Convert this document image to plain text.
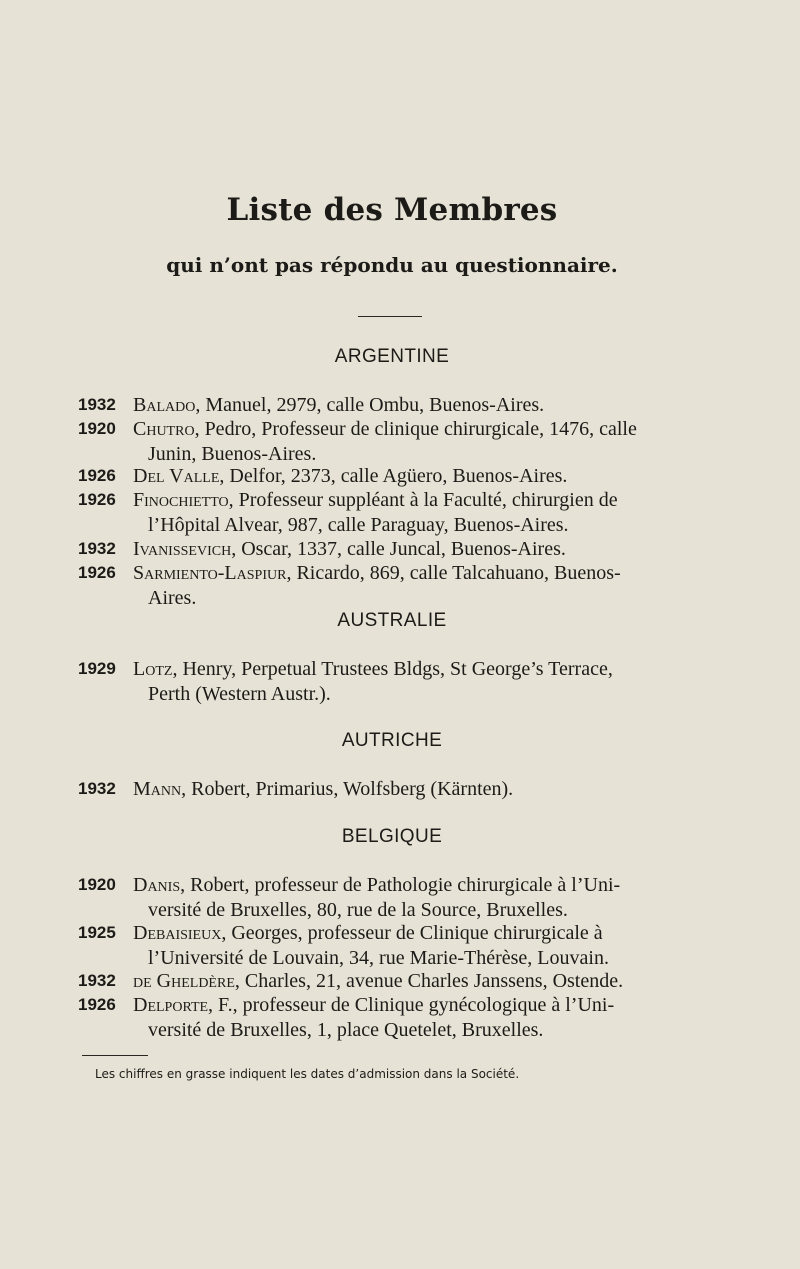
Liste des Membres
qui n’ont pas répondu au questionnaire.
ARGENTINE
1932 Balado, Manuel, 2979, calle Ombu, Buenos-Aires.
1920 Chutro, Pedro, Professeur de clinique chirurgicale, 1476, calle
Junin, Buenos-Aires.
1926 Del Valle, Delfor, 2373, calle Agüero, Buenos-Aires.
1926 Finochietto, Professeur suppléant à la Faculté, chirurgien de
l’Hôpital Alvear, 987, calle Paraguay, Buenos-Aires.
1932 Ivanissevich, Oscar, 1337, calle Juncal, Buenos-Aires.
1926 Sarmiento-Laspiur, Ricardo, 869, calle Talcahuano, Buenos-
Aires.
AUSTRALIE
1929 Lotz, Henry, Perpetual Trustees Bldgs, St George’s Terrace,
Perth (Western Austr.).
AUTRICHE
1932 Mann, Robert, Primarius, Wolfsberg (Kärnten).
BELGIQUE
1920 Danis, Robert, professeur de Pathologie chirurgicale à l’Uni-
versité de Bruxelles, 80, rue de la Source, Bruxelles.
1925 Debaisieux, Georges, professeur de Clinique chirurgicale à
l’Université de Louvain, 34, rue Marie-Thérèse, Louvain.
1932 de Gheldère, Charles, 21, avenue Charles Janssens, Ostende.
1926 Delporte, F., professeur de Clinique gynécologique à l’Uni-
versité de Bruxelles, 1, place Quetelet, Bruxelles.
Les chiffres en grasse indiquent les dates d’admission dans la Société.
